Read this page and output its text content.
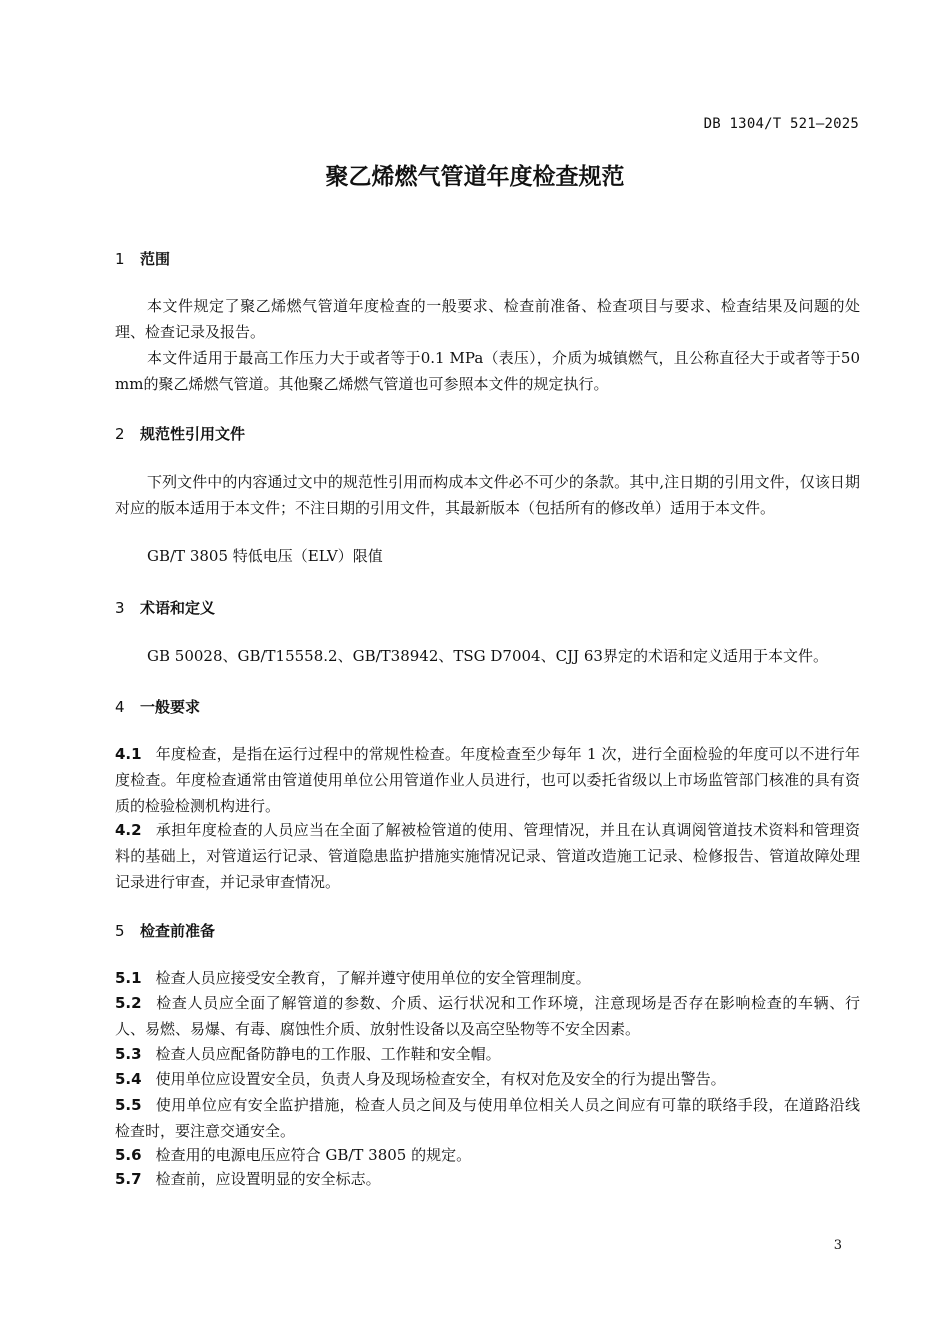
DB 1304/T 521—2025
聚乙烯燃气管道年度检查规范
1 范围
本文件规定了聚乙烯燃气管道年度检查的一般要求、检查前准备、检查项目与要求、检查结果及问题的处理、检查记录及报告。
本文件适用于最高工作压力大于或者等于0.1 MPa（表压），介质为城镇燃气，且公称直径大于或者等于50 mm的聚乙烯燃气管道。其他聚乙烯燃气管道也可参照本文件的规定执行。
2 规范性引用文件
下列文件中的内容通过文中的规范性引用而构成本文件必不可少的条款。其中,注日期的引用文件，仅该日期对应的版本适用于本文件；不注日期的引用文件，其最新版本（包括所有的修改单）适用于本文件。
GB/T 3805 特低电压（ELV）限值
3 术语和定义
GB 50028、GB/T15558.2、GB/T38942、TSG D7004、CJJ 63界定的术语和定义适用于本文件。
4 一般要求
4.1 年度检查，是指在运行过程中的常规性检查。年度检查至少每年 1 次，进行全面检验的年度可以不进行年度检查。年度检查通常由管道使用单位公用管道作业人员进行，也可以委托省级以上市场监管部门核准的具有资质的检验检测机构进行。
4.2 承担年度检查的人员应当在全面了解被检管道的使用、管理情况，并且在认真调阅管道技术资料和管理资料的基础上，对管道运行记录、管道隐患监护措施实施情况记录、管道改造施工记录、检修报告、管道故障处理记录进行审查，并记录审查情况。
5 检查前准备
5.1 检查人员应接受安全教育，了解并遵守使用单位的安全管理制度。
5.2 检查人员应全面了解管道的参数、介质、运行状况和工作环境，注意现场是否存在影响检查的车辆、行人、易燃、易爆、有毒、腐蚀性介质、放射性设备以及高空坠物等不安全因素。
5.3 检查人员应配备防静电的工作服、工作鞋和安全帽。
5.4 使用单位应设置安全员，负责人身及现场检查安全，有权对危及安全的行为提出警告。
5.5 使用单位应有安全监护措施，检查人员之间及与使用单位相关人员之间应有可靠的联络手段，在道路沿线检查时，要注意交通安全。
5.6 检查用的电源电压应符合 GB/T 3805 的规定。
5.7 检查前，应设置明显的安全标志。
3
